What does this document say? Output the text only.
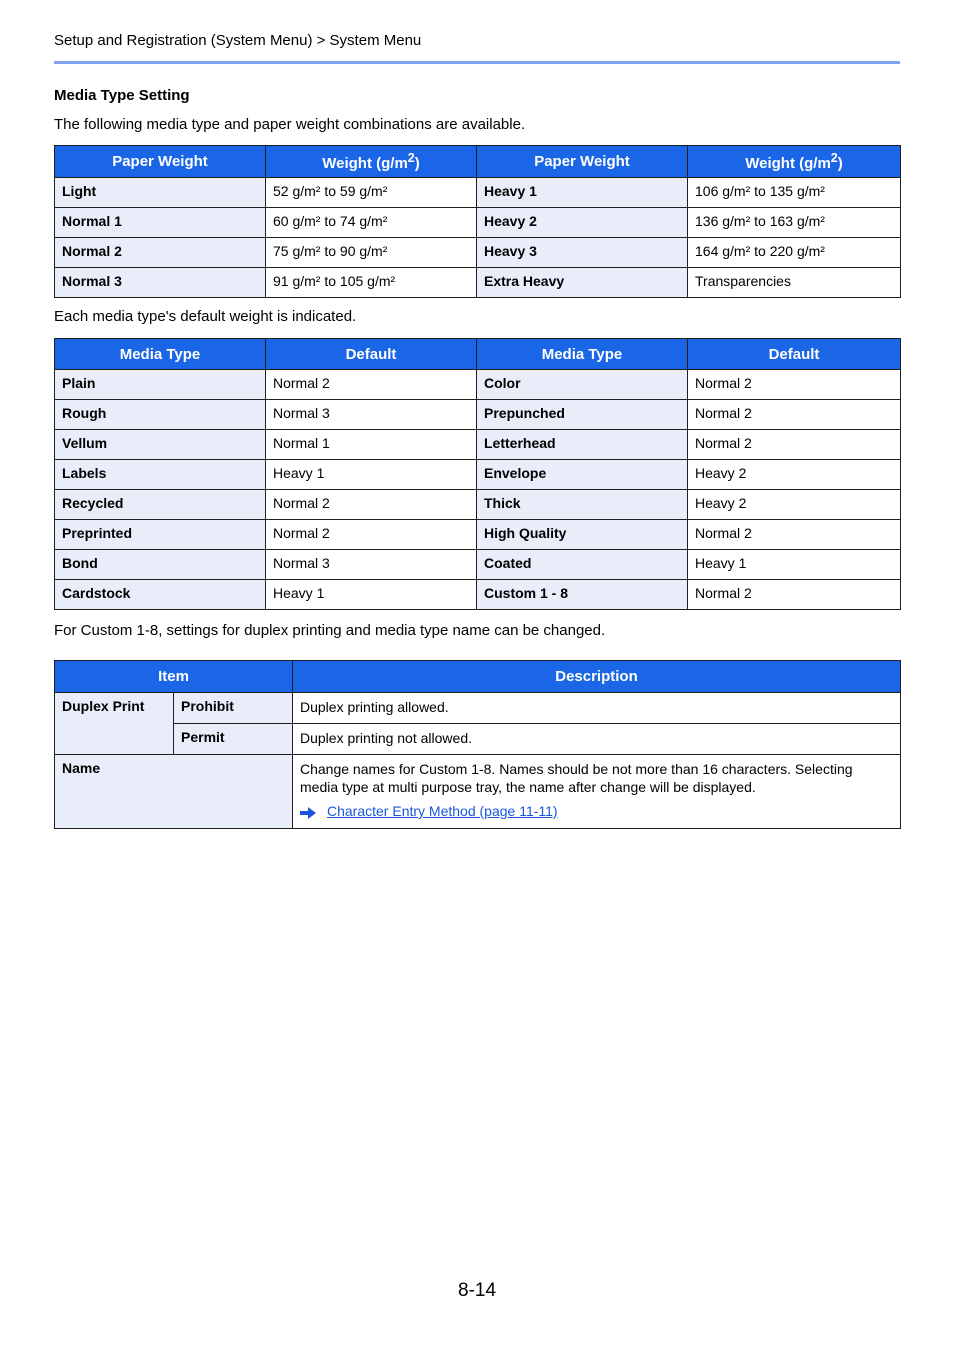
Setup and Registration (System Menu) > System Menu
Media Type Setting
The following media type and paper weight combinations are available.
Paper Weight	Weight $(g/m^2)$	Paper Weight	Weight $(g/m^2)$
Light	52 g/m² to 59 g/m²	Heavy 1	106 g/m² to 135 g/m²
Normal 1	60 g/m² to 74 g/m²	Heavy 2	136 g/m² to 163 g/m²
Normal 2	75 g/m² to 90 g/m²	Heavy 3	164 g/m² to 220 g/m²
Normal 3	91 g/m² to 105 g/m²	Extra Heavy	Transparencies
Each media type's default weight is indicated.
Media Type	Default	Media Type	Default
Plain	Normal 2	Color	Normal 2
Rough	Normal 3	Prepunched	Normal 2
Vellum	Normal 1	Letterhead	Normal 2
Labels	Heavy 1	Envelope	Heavy 2
Recycled	Normal 2	Thick	Heavy 2
Preprinted	Normal 2	High Quality	Normal 2
Bond	Normal 3	Coated	Heavy 1
Cardstock	Heavy 1	Custom 1 - 8	Normal 2
For Custom 1-8, settings for duplex printing and media type name can be changed.
Item		Description
Duplex Print	Prohibit	Duplex printing allowed.
	Permit	Duplex printing not allowed.
Name		Change names for Custom 1-8. Names should be not more than 16 characters. Selecting media type at multi purpose tray, the name after change will be displayed.
Character Entry Method (page 11-11)
8-14
